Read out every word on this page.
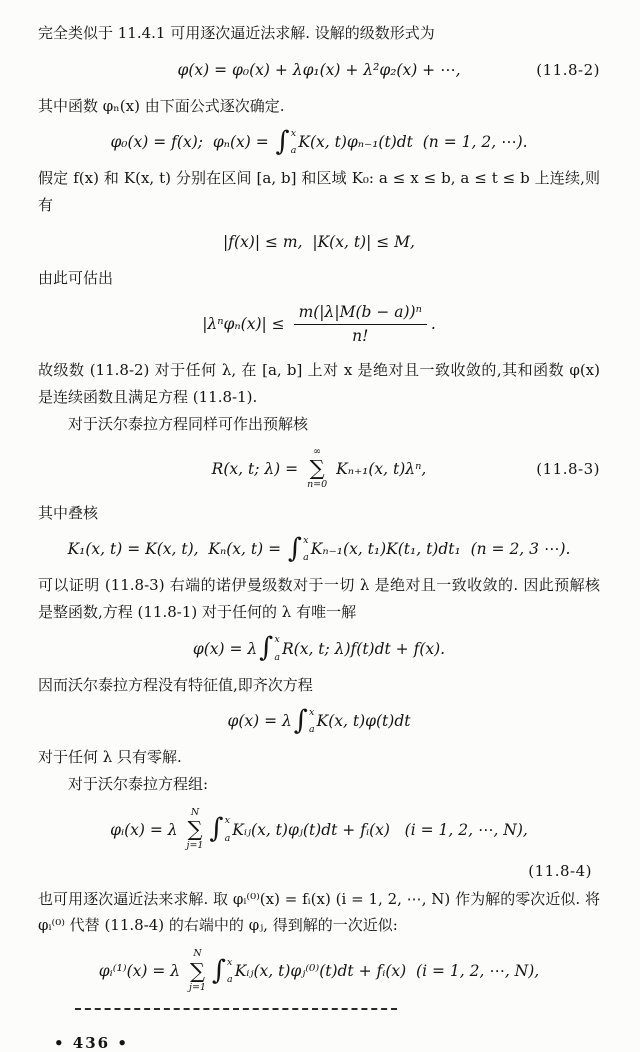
完全类似于 11.4.1 可用逐次逼近法求解. 设解的级数形式为

φ(x) = φ₀(x) + λφ₁(x) + λ²φ₂(x) + ⋯,	(11.8-2)

其中函数 φₙ(x) 由下面公式逐次确定.

φ₀(x) = f(x);  φₙ(x) = ∫ x
a K(x, t)φₙ₋₁(t)dt  (n = 1, 2, ⋯).

假定 f(x) 和 K(x, t) 分别在区间 [a, b] 和区域 K₀: a ≤ x ≤ b, a ≤ t ≤ b 上连续,则有

|f(x)| ≤ m,  |K(x, t)| ≤ M,

由此可估出

$|\lambda^n\varphi_n(x)| \le \frac{\text{m(|λ|M(b − a))ⁿ}}{n!}$ .

故级数 (11.8-2) 对于任何 λ, 在 [a, b] 上对 x 是绝对且一致收敛的,其和函数 φ(x) 是连续函数且满足方程 (11.8-1).

对于沃尔泰拉方程同样可作出预解核

R(x, t; λ) =
∞
∑
n=0
Kₙ₊₁(x, t)λⁿ,	(11.8-3)

其中叠核

K₁(x, t) = K(x, t),  Kₙ(x, t) = ∫ x
a Kₙ₋₁(x, t₁)K(t₁, t)dt₁  (n = 2, 3 ⋯).

可以证明 (11.8-3) 右端的诺伊曼级数对于一切 λ 是绝对且一致收敛的. 因此预解核是整函数,方程 (11.8-1) 对于任何的 λ 有唯一解

φ(x) = λ ∫ x
a R(x, t; λ)f(t)dt + f(x).

因而沃尔泰拉方程没有特征值,即齐次方程

φ(x) = λ ∫ x
a K(x, t)φ(t)dt

对于任何 λ 只有零解.

对于沃尔泰拉方程组:

φᵢ(x) = λ
N
∑
j=1
∫ x
a Kᵢⱼ(x, t)φⱼ(t)dt + fᵢ(x)   (i = 1, 2, ⋯, N),
(11.8-4)

也可用逐次逼近法来求解. 取 φᵢ⁽⁰⁾(x) = fᵢ(x) (i = 1, 2, ⋯, N) 作为解的零次近似. 将 φᵢ⁽⁰⁾ 代替 (11.8-4) 的右端中的 φⱼ, 得到解的一次近似:

φᵢ⁽¹⁾(x) = λ
N
∑
j=1
∫ x
a Kᵢⱼ(x, t)φⱼ⁽⁰⁾(t)dt + fᵢ(x)  (i = 1, 2, ⋯, N),
• 436 •
